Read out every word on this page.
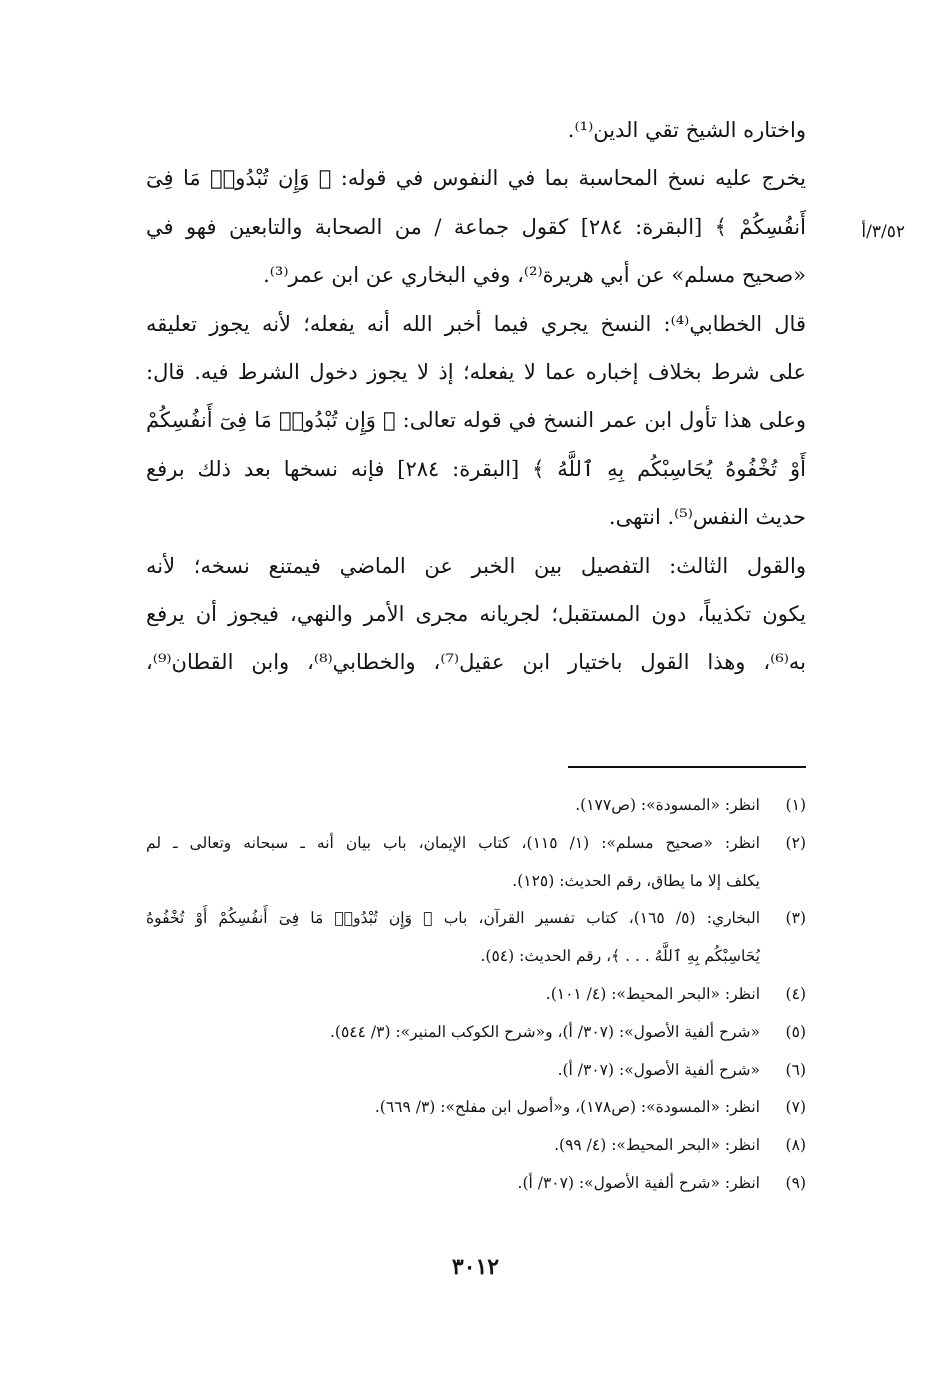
واختاره الشيخ تقي الدين⁽¹⁾.
يخرج عليه نسخ المحاسبة بما في النفوس في قوله: ﴿ وَإِن تُبْدُوا۟ مَا فِىٓ
أَنفُسِكُمْ ﴾ [البقرة: ٢٨٤] كقول جماعة / من الصحابة والتابعين فهو في
«صحيح مسلم» عن أبي هريرة⁽²⁾، وفي البخاري عن ابن عمر⁽³⁾.
قال الخطابي⁽⁴⁾: النسخ يجري فيما أخبر الله أنه يفعله؛ لأنه يجوز تعليقه
على شرط بخلاف إخباره عما لا يفعله؛ إذ لا يجوز دخول الشرط فيه. قال:
وعلى هذا تأول ابن عمر النسخ في قوله تعالى: ﴿ وَإِن تُبْدُوا۟ مَا فِىٓ أَنفُسِكُمْ
أَوْ تُخْفُوهُ يُحَاسِبْكُم بِهِ ٱللَّهُ ﴾ [البقرة: ٢٨٤] فإنه نسخها بعد ذلك برفع
حديث النفس⁽⁵⁾. انتهى.
والقول الثالث: التفصيل بين الخبر عن الماضي فيمتنع نسخه؛ لأنه
يكون تكذيباً، دون المستقبل؛ لجريانه مجرى الأمر والنهي، فيجوز أن يرفع
به⁽⁶⁾، وهذا القول باختيار ابن عقيل⁽⁷⁾، والخطابي⁽⁸⁾، وابن القطان⁽⁹⁾،
٣/٥٢/أ
(١)
انظر: «المسودة»: (ص١٧٧).
(٢)
انظر: «صحيح مسلم»: (١/ ١١٥)، كتاب الإيمان، باب بيان أنه ـ سبحانه وتعالى ـ لم
يكلف إلا ما يطاق، رقم الحديث: (١٢٥).
(٣)
البخاري: (٥/ ١٦٥)، كتاب تفسير القرآن، باب ﴿ وَإِن تُبْدُوا۟ مَا فِىٓ أَنفُسِكُمْ أَوْ تُخْفُوهُ
يُحَاسِبْكُم بِهِ ٱللَّهُ . . . ﴾، رقم الحديث: (٥٤).
(٤)
انظر: «البحر المحيط»: (٤/ ١٠١).
(٥)
«شرح ألفية الأصول»: (٣٠٧/ أ)، و«شرح الكوكب المنير»: (٣/ ٥٤٤).
(٦)
«شرح ألفية الأصول»: (٣٠٧/ أ).
(٧)
انظر: «المسودة»: (ص١٧٨)، و«أصول ابن مفلح»: (٣/ ٦٦٩).
(٨)
انظر: «البحر المحيط»: (٤/ ٩٩).
(٩)
انظر: «شرح ألفية الأصول»: (٣٠٧/ أ).
٣٠١٢
